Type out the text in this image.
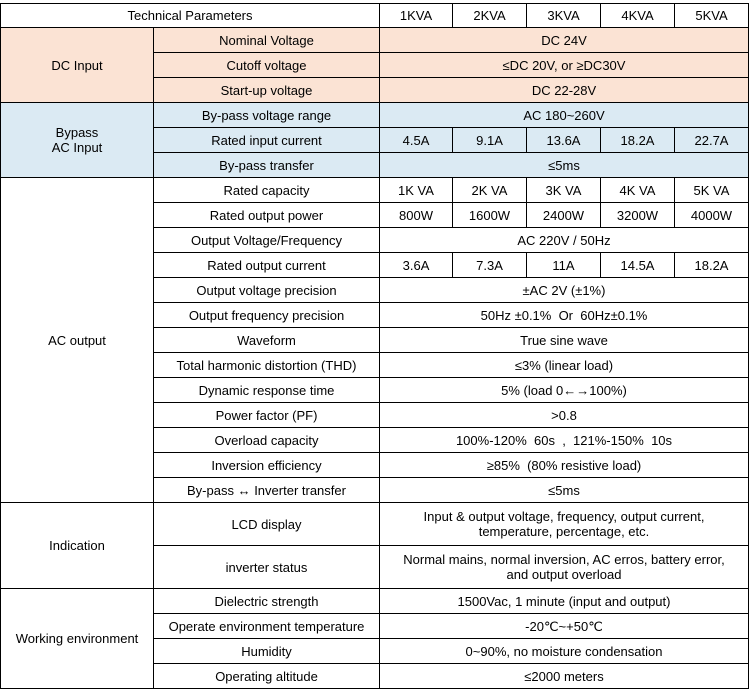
Technical Parameters		1KVA	2KVA	3KVA	4KVA	5KVA
DC Input	Nominal Voltage	DC 24V				
	Cutoff voltage	≤DC 20V, or ≥DC30V				
	Start-up voltage	DC 22-28V				
Bypass
AC Input	By-pass voltage range	AC 180~260V				
	Rated input current	4.5A	9.1A	13.6A	18.2A	22.7A
	By-pass transfer	≤5ms				
AC output	Rated capacity	1K VA	2K VA	3K VA	4K VA	5K VA
	Rated output power	800W	1600W	2400W	3200W	4000W
	Output Voltage/Frequency	AC 220V / 50Hz				
	Rated output current	3.6A	7.3A	11A	14.5A	18.2A
	Output voltage precision	±AC 2V (±1%)				
	Output frequency precision	50Hz ±0.1%  Or  60Hz±0.1%				
	Waveform	True sine wave				
	Total harmonic distortion (THD)	≤3% (linear load)				
	Dynamic response time	5% (load 0←→100%)				
	Power factor (PF)	>0.8				
	Overload capacity	100%-120%  60s  ,  121%-150%  10s				
	Inversion efficiency	≥85%  (80% resistive load)				
	By-pass ↔ Inverter transfer	≤5ms				
Indication	LCD display	Input & output voltage, frequency, output current,
temperature, percentage, etc.				
	inverter status	Normal mains, normal inversion, AC erros, battery error,
and output overload				
Working environment	Dielectric strength	1500Vac, 1 minute (input and output)				
	Operate environment temperature	-20℃~+50℃				
	Humidity	0~90%, no moisture condensation				
	Operating altitude	≤2000 meters				
